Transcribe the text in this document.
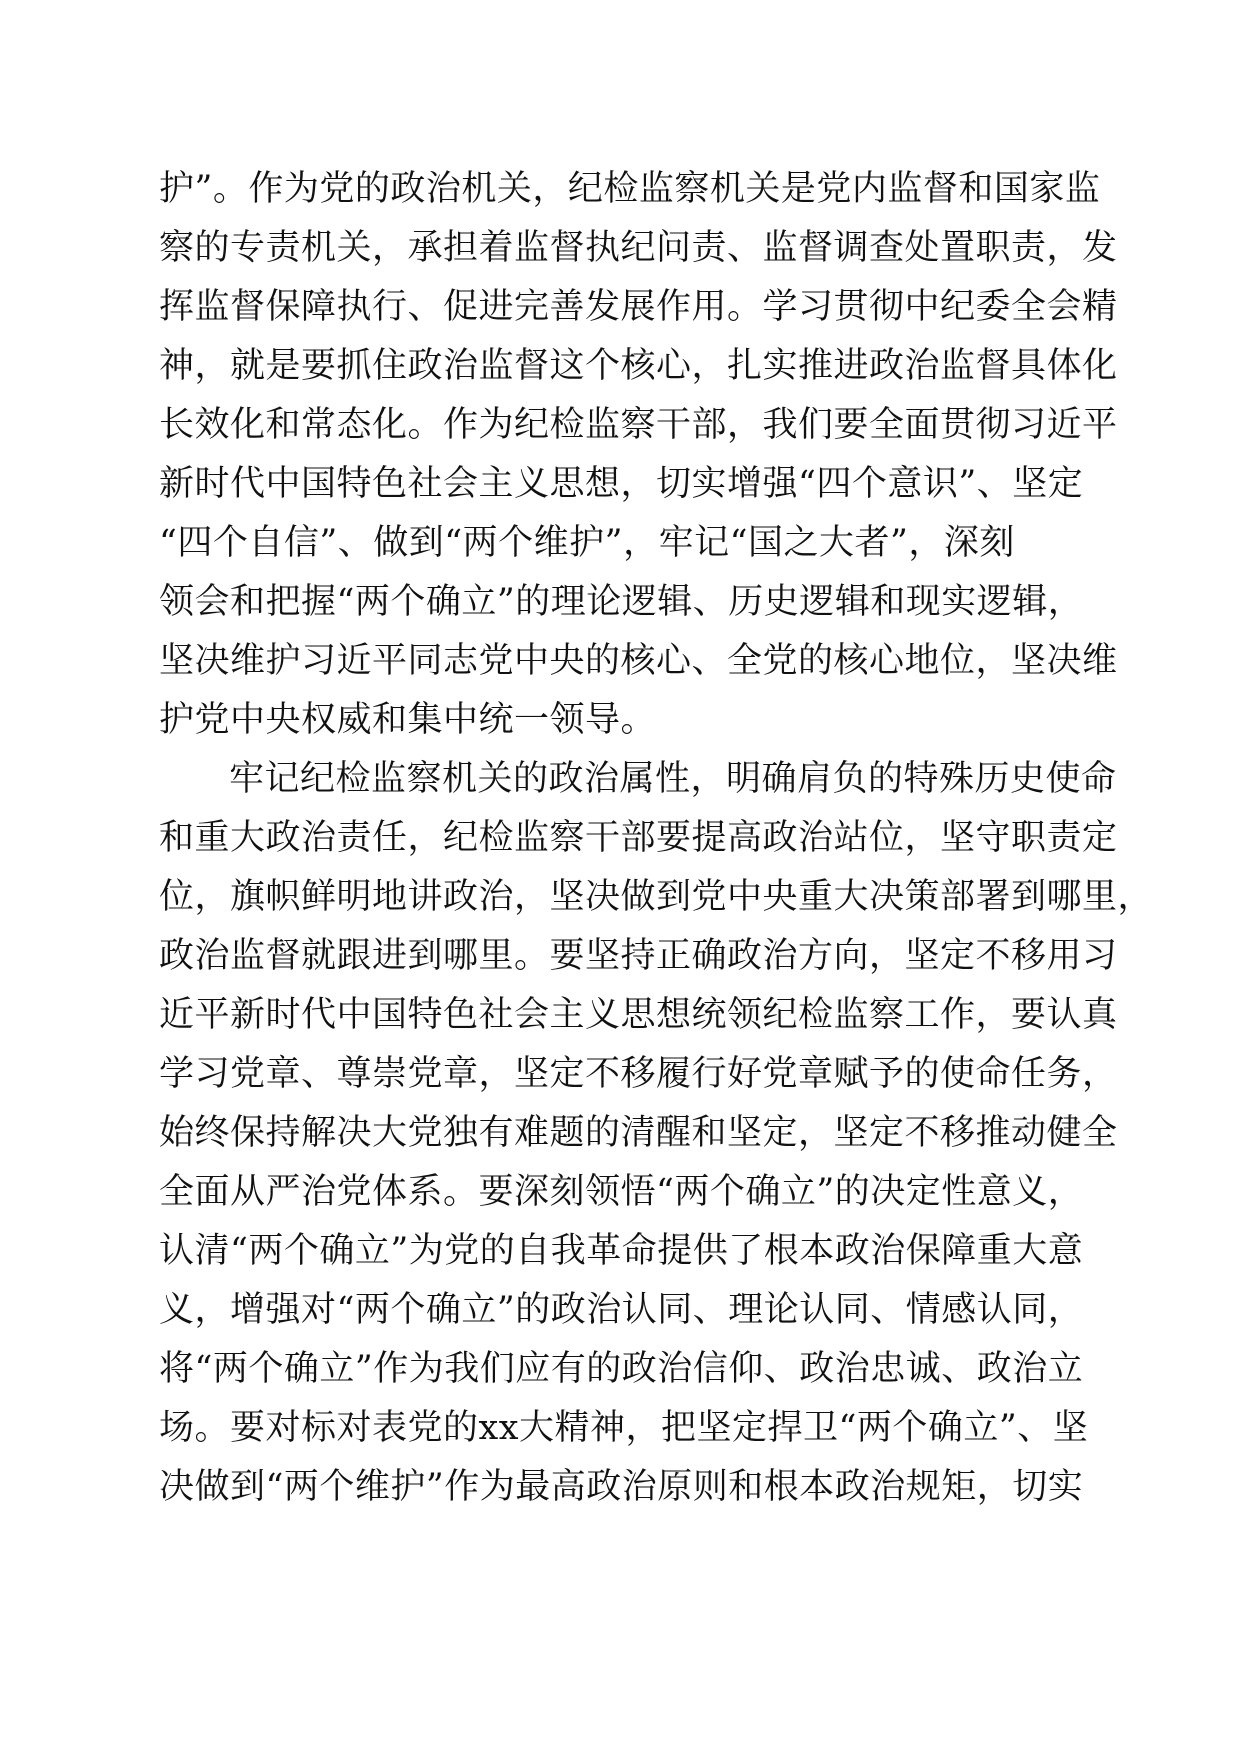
护”。作为党的政治机关，纪检监察机关是党内监督和国家监
察的专责机关，承担着监督执纪问责、监督调查处置职责，发
挥监督保障执行、促进完善发展作用。学习贯彻中纪委全会精
神，就是要抓住政治监督这个核心，扎实推进政治监督具体化
长效化和常态化。作为纪检监察干部，我们要全面贯彻习近平
新时代中国特色社会主义思想，切实增强“四个意识”、坚定
“四个自信”、做到“两个维护”，牢记“国之大者”，深刻
领会和把握“两个确立”的理论逻辑、历史逻辑和现实逻辑，
坚决维护习近平同志党中央的核心、全党的核心地位，坚决维
护党中央权威和集中统一领导。
牢记纪检监察机关的政治属性，明确肩负的特殊历史使命
和重大政治责任，纪检监察干部要提高政治站位，坚守职责定
位，旗帜鲜明地讲政治，坚决做到党中央重大决策部署到哪里，
政治监督就跟进到哪里。要坚持正确政治方向，坚定不移用习
近平新时代中国特色社会主义思想统领纪检监察工作，要认真
学习党章、尊崇党章，坚定不移履行好党章赋予的使命任务，
始终保持解决大党独有难题的清醒和坚定，坚定不移推动健全
全面从严治党体系。要深刻领悟“两个确立”的决定性意义，
认清“两个确立”为党的自我革命提供了根本政治保障重大意
义，增强对“两个确立”的政治认同、理论认同、情感认同，
将“两个确立”作为我们应有的政治信仰、政治忠诚、政治立
场。要对标对表党的xx大精神，把坚定捍卫“两个确立”、坚
决做到“两个维护”作为最高政治原则和根本政治规矩，切实
